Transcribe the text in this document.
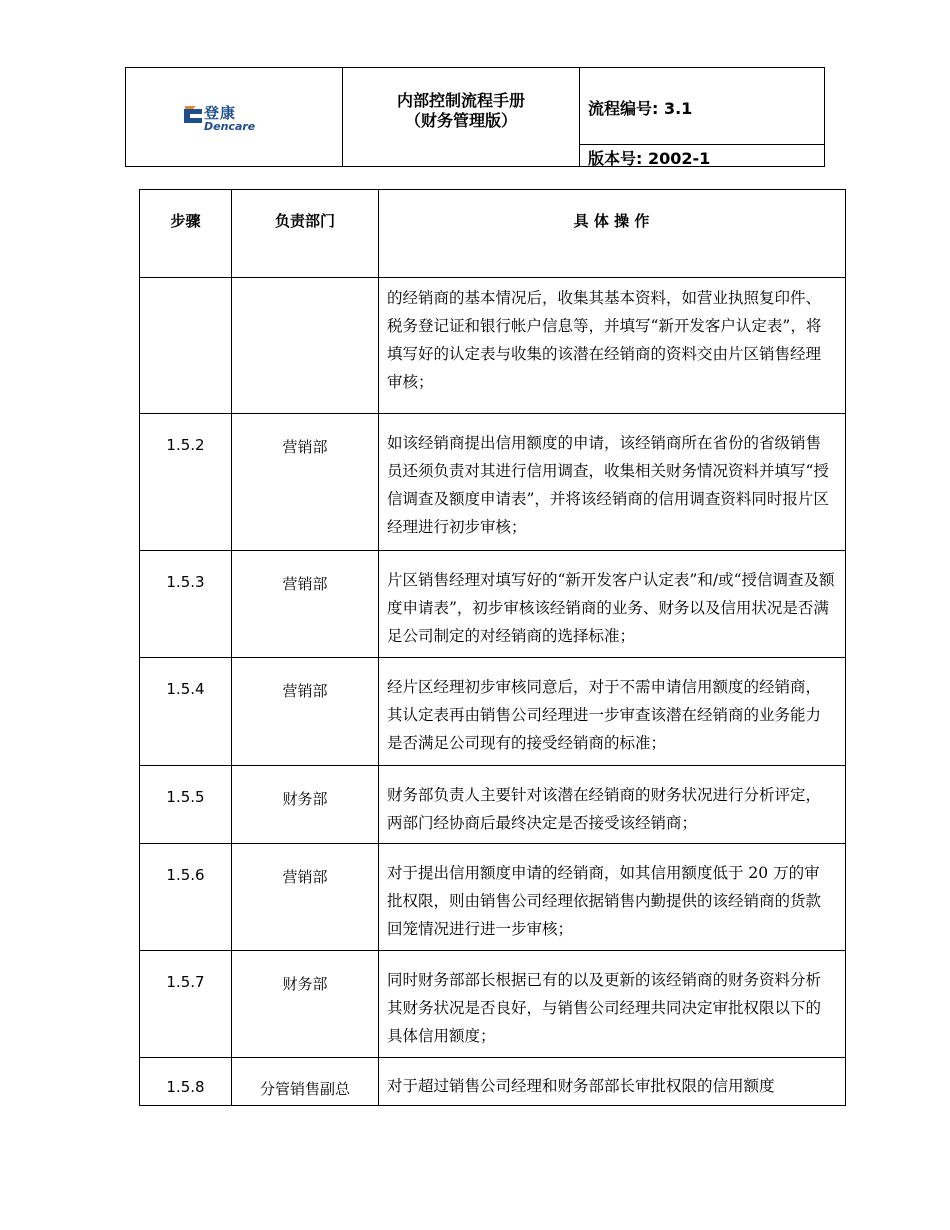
登康
Dencare
内部控制流程手册
（财务管理版）
流程编号: 3.1
版本号: 2002-1
步骤	负责部门	具 体 操 作
的经销商的基本情况后，收集其基本资料，如营业执照复印件、税务登记证和银行帐户信息等，并填写“新开发客户认定表”，将填写好的认定表与收集的该潜在经销商的资料交由片区销售经理审核；
1.5.2	营销部	如该经销商提出信用额度的申请，该经销商所在省份的省级销售员还须负责对其进行信用调查，收集相关财务情况资料并填写“授信调查及额度申请表”，并将该经销商的信用调查资料同时报片区经理进行初步审核；
1.5.3	营销部	片区销售经理对填写好的“新开发客户认定表”和/或“授信调查及额度申请表”，初步审核该经销商的业务、财务以及信用状况是否满足公司制定的对经销商的选择标准；
1.5.4	营销部	经片区经理初步审核同意后，对于不需申请信用额度的经销商，其认定表再由销售公司经理进一步审查该潜在经销商的业务能力是否满足公司现有的接受经销商的标准；
1.5.5	财务部	财务部负责人主要针对该潜在经销商的财务状况进行分析评定，两部门经协商后最终决定是否接受该经销商；
1.5.6	营销部	对于提出信用额度申请的经销商，如其信用额度低于 20 万的审批权限，则由销售公司经理依据销售内勤提供的该经销商的货款回笼情况进行进一步审核；
1.5.7	财务部	同时财务部部长根据已有的以及更新的该经销商的财务资料分析其财务状况是否良好，与销售公司经理共同决定审批权限以下的具体信用额度；
1.5.8	分管销售副总	对于超过销售公司经理和财务部部长审批权限的信用额度
